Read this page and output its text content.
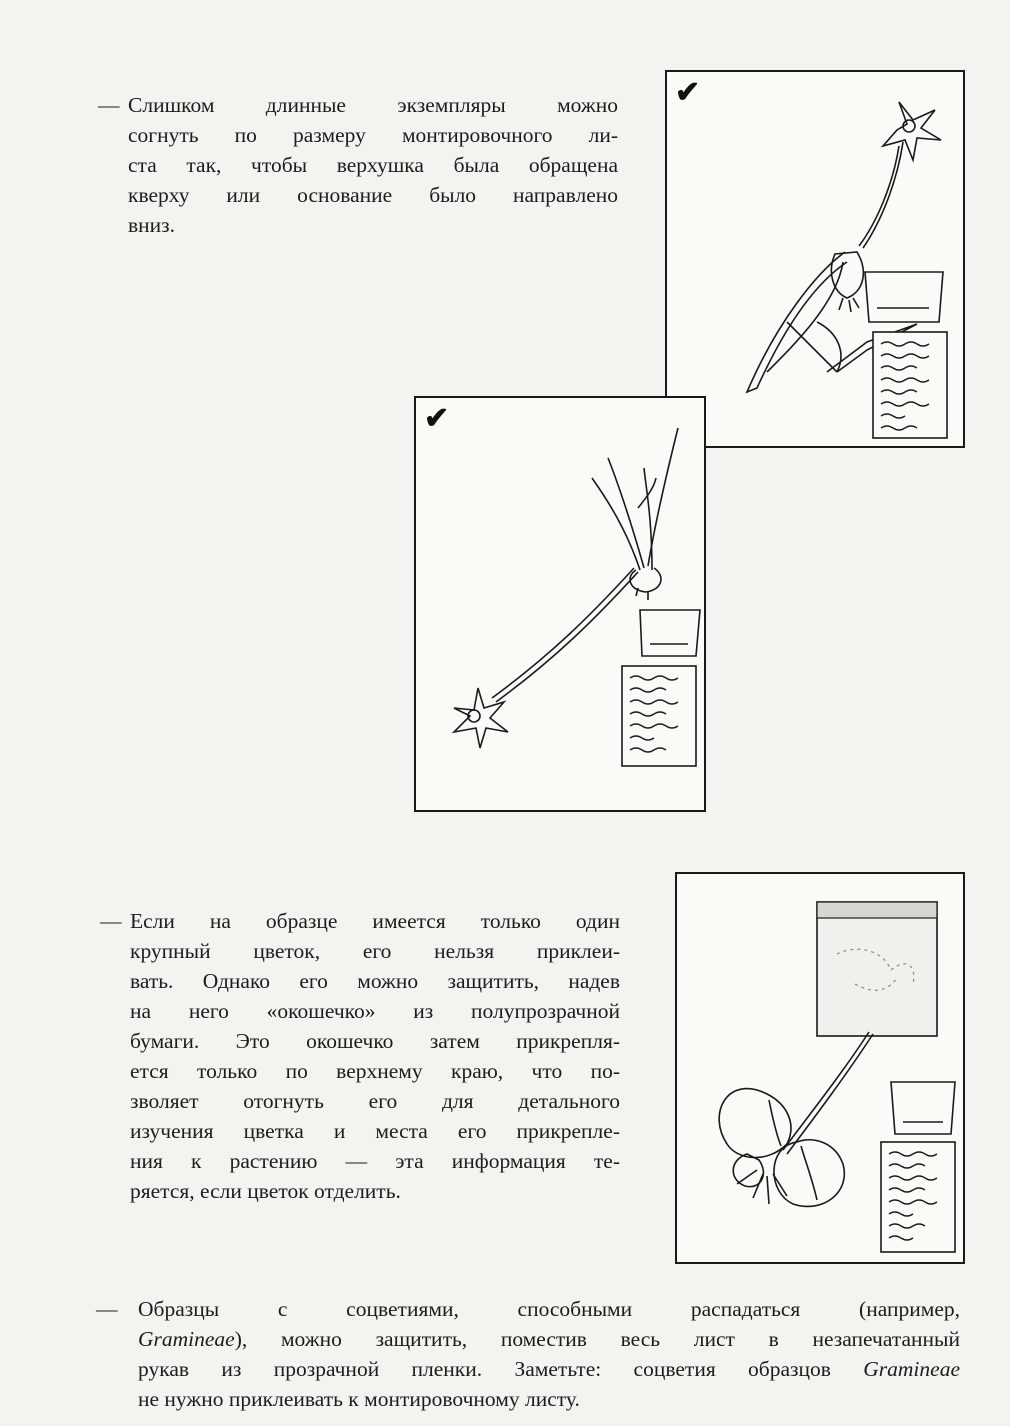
— Слишком длинные экземпляры можно
согнуть по размеру монтировочного ли-
ста так, чтобы верхушка была обращена
кверху или основание было направлено
вниз.
✔
✔
— Если на образце имеется только один
крупный цветок, его нельзя приклеи-
вать. Однако его можно защитить, надев
на него «окошечко» из полупрозрачной
бумаги. Это окошечко затем прикрепля-
ется только по верхнему краю, что по-
зволяет отогнуть его для детального
изучения цветка и места его прикрепле-
ния к растению — эта информация те-
ряется, если цветок отделить.
— Образцы с соцветиями, способными распадаться (например,
Gramineae), можно защитить, поместив весь лист в незапечатанный
рукав из прозрачной пленки. Заметьте: соцветия образцов Gramineae
не нужно приклеивать к монтировочному листу.
